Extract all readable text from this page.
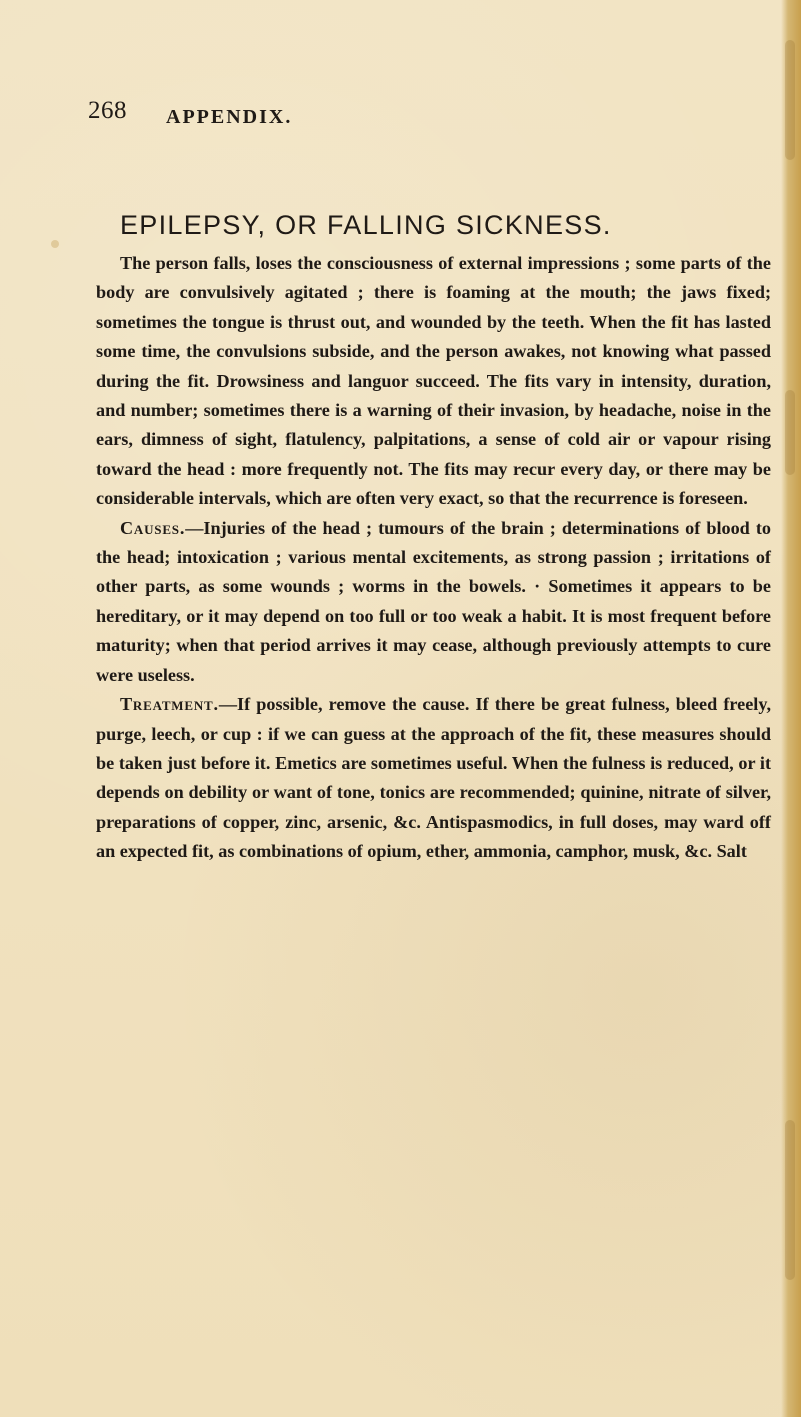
268 APPENDIX.
EPILEPSY, OR FALLING SICKNESS.

The person falls, loses the consciousness of external impressions ; some parts of the body are convulsively agitated ; there is foaming at the mouth; the jaws fixed; sometimes the tongue is thrust out, and wounded by the teeth. When the fit has lasted some time, the convulsions subside, and the person awakes, not knowing what passed during the fit. Drowsiness and languor succeed. The fits vary in intensity, duration, and number; sometimes there is a warning of their invasion, by headache, noise in the ears, dimness of sight, flatulency, palpitations, a sense of cold air or vapour rising toward the head : more frequently not. The fits may recur every day, or there may be considerable intervals, which are often very exact, so that the recurrence is foreseen.

Causes.—Injuries of the head ; tumours of the brain ; determinations of blood to the head; intoxication ; various mental excitements, as strong passion ; irritations of other parts, as some wounds ; worms in the bowels. · Sometimes it appears to be hereditary, or it may depend on too full or too weak a habit. It is most frequent before maturity; when that period arrives it may cease, although previously attempts to cure were useless.

Treatment.—If possible, remove the cause. If there be great fulness, bleed freely, purge, leech, or cup : if we can guess at the approach of the fit, these measures should be taken just before it. Emetics are sometimes useful. When the fulness is reduced, or it depends on debility or want of tone, tonics are recommended; quinine, nitrate of silver, preparations of copper, zinc, arsenic, &c. Antispasmodics, in full doses, may ward off an expected fit, as combinations of opium, ether, ammonia, camphor, musk, &c. Salt
